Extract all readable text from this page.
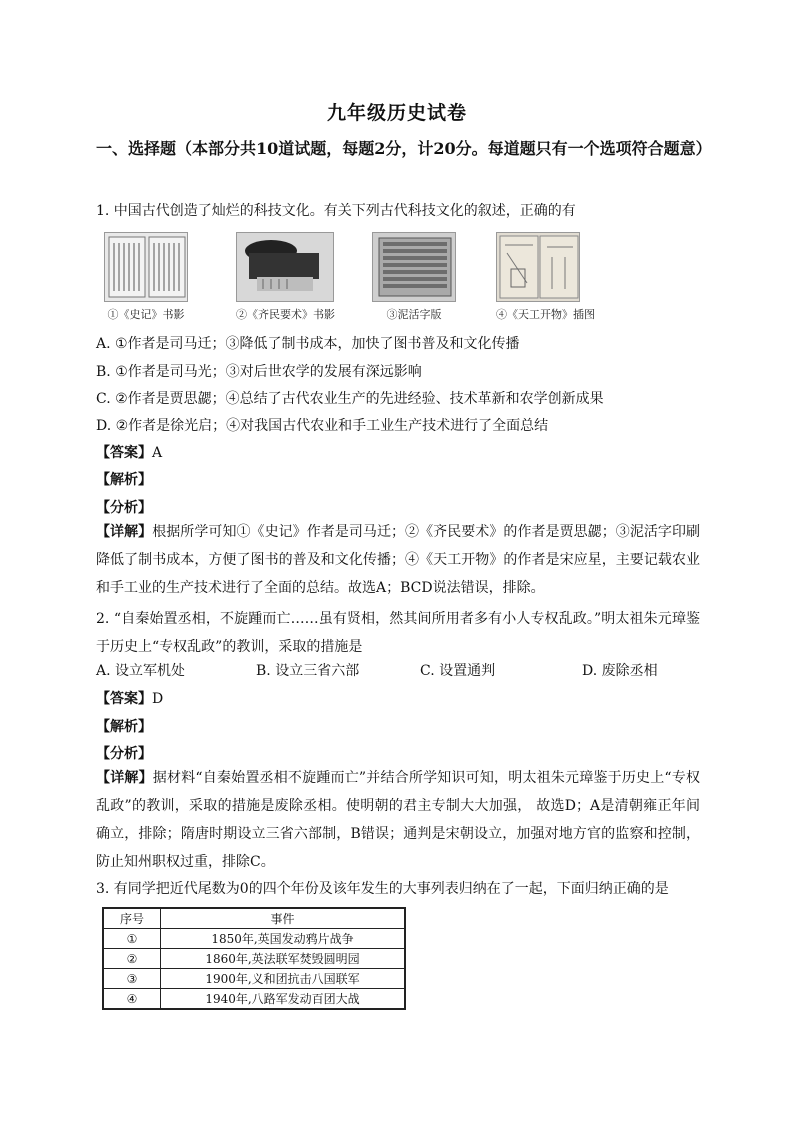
九年级历史试卷
一、选择题（本部分共10道试题，每题2分，计20分。每道题只有一个选项符合题意）
1. 中国古代创造了灿烂的科技文化。有关下列古代科技文化的叙述，正确的有
①《史记》书影	②《齐民要术》书影	③泥活字版	④《天工开物》插图
A. ①作者是司马迁；③降低了制书成本，加快了图书普及和文化传播
B. ①作者是司马光；③对后世农学的发展有深远影响
C. ②作者是贾思勰；④总结了古代农业生产的先进经验、技术革新和农学创新成果
D. ②作者是徐光启；④对我国古代农业和手工业生产技术进行了全面总结
【答案】A
【解析】
【分析】
【详解】根据所学可知①《史记》作者是司马迁；②《齐民要术》的作者是贾思勰；③泥活字印刷降低了制书成本，方便了图书的普及和文化传播；④《天工开物》的作者是宋应星，主要记载农业和手工业的生产技术进行了全面的总结。故选A；BCD说法错误，排除。
2. “自秦始置丞相，不旋踵而亡……虽有贤相，然其间所用者多有小人专权乱政。”明太祖朱元璋鉴于历史上“专权乱政”的教训，采取的措施是
A. 设立军机处	B. 设立三省六部	C. 设置通判	D. 废除丞相
【答案】D
【解析】
【分析】
【详解】据材料“自秦始置丞相不旋踵而亡”并结合所学知识可知，明太祖朱元璋鉴于历史上“专权乱政”的教训，采取的措施是废除丞相。使明朝的君主专制大大加强， 故选D；A是清朝雍正年间确立，排除；隋唐时期设立三省六部制，B错误；通判是宋朝设立，加强对地方官的监察和控制，防止知州职权过重，排除C。
3. 有同学把近代尾数为0的四个年份及该年发生的大事列表归纳在了一起，下面归纳正确的是
序号	事件
①	1850年,英国发动鸦片战争
②	1860年,英法联军焚毁圆明园
③	1900年,义和团抗击八国联军
④	1940年,八路军发动百团大战
